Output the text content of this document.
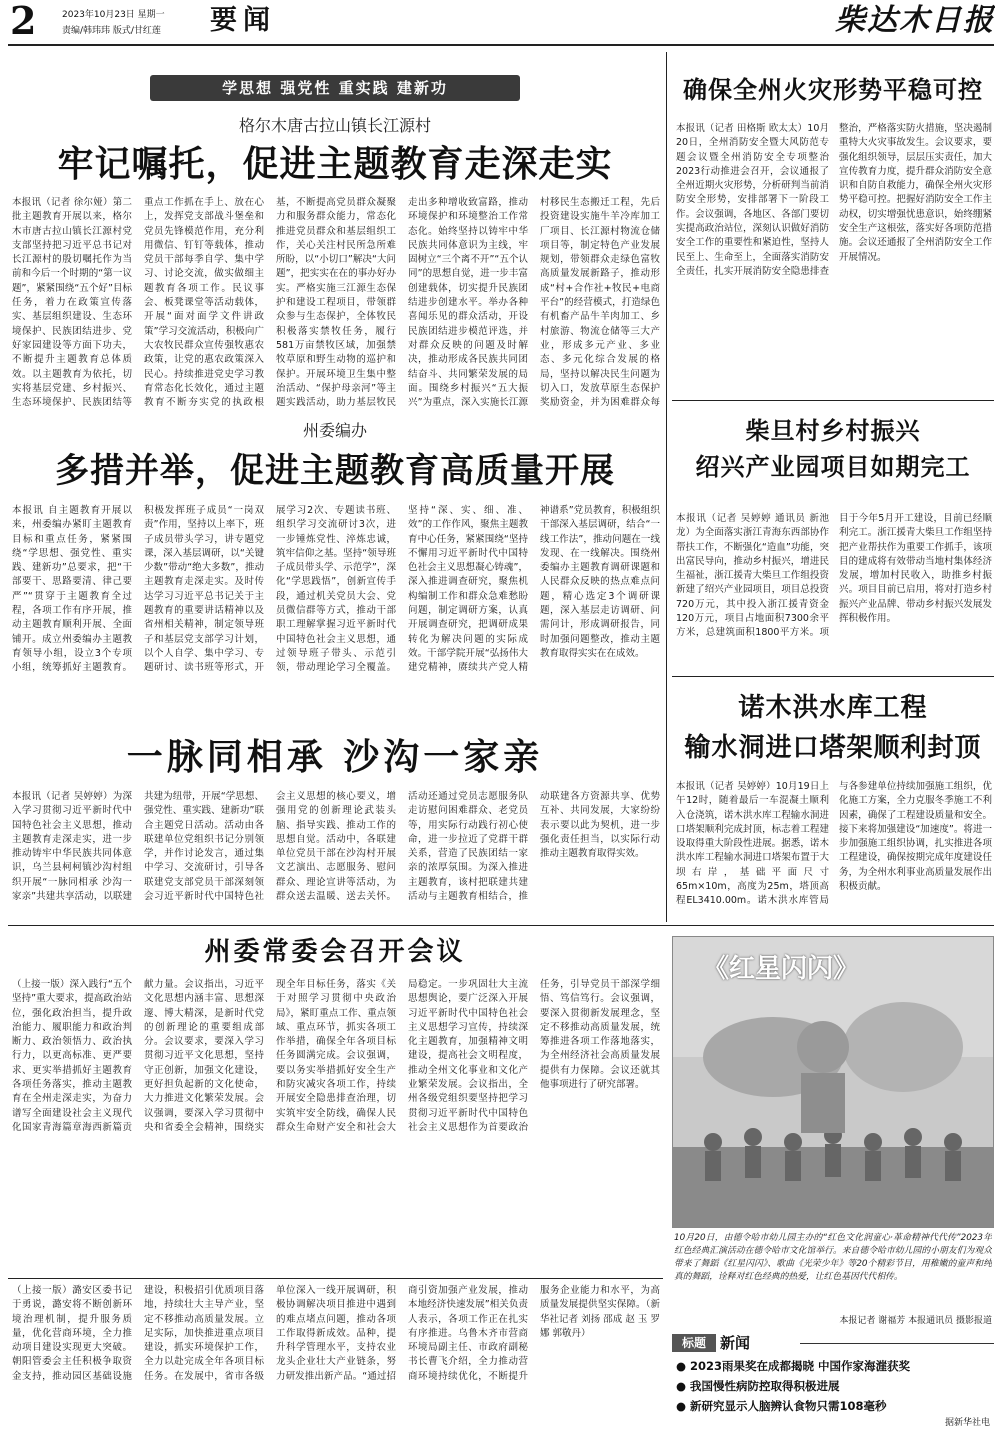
2	2023年10月23日 星期一
责编/韩玮玮 版式/甘红莲	要闻	柴达木日报
学思想 强党性 重实践 建新功
格尔木唐古拉山镇长江源村
牢记嘱托，促进主题教育走深走实
本报讯（记者 徐尔娅）第二批主题教育开展以来，格尔木市唐古拉山镇长江源村党支部坚持把习近平总书记对长江源村的殷切嘱托作为当前和今后一个时期的“第一议题”，紧紧围绕“五个好”目标任务，着力在政策宣传落实、基层组织建设、生态环境保护、民族团结进步、党好家园建设等方面下功夫，不断提升主题教育总体质效。以主题教育为依托，切实将基层党建、乡村振兴、生态环境保护、民族团结等重点工作抓在手上、放在心上，发挥党支部战斗堡垒和党员先锋模范作用，充分利用微信、钉钉等载体，推动党员干部每季自学、集中学习、讨论交流，做实做细主题教育各项工作。民议事会、板凳课堂等活动载体，开展“面对面学文件讲政策”学习交流活动，积极向广大农牧民群众宣传强牧惠农政策，让党的惠农政策深入民心。持续推进党史学习教育常态化长效化，通过主题教育不断夯实党的执政根基，不断提高党员群众凝聚力和服务群众能力，常态化推进党员群众和基层组织工作，关心关注村民所急所难所盼，以“小切口”解决“大问题”，把实实在在的事办好办实。严格实施三江源生态保护和建设工程项目，带领群众参与生态保护，全体牧民积极落实禁牧任务，履行581万亩禁牧区域，加强禁牧草原和野生动物的巡护和保护。开展环境卫生集中整治活动、“保护母亲河”等主题实践活动，助力基层牧民走出多种增收致富路，推动环境保护和环境整治工作常态化。始终坚持以铸牢中华民族共同体意识为主线，牢固树立“三个离不开”“五个认同”的思想自觉，进一步丰富创建载体，切实提升民族团结进步创建水平。举办各种喜闻乐见的群众活动，开设民族团结进步模范评选，并对群众反映的问题及时解决，推动形成各民族共同团结奋斗、共同繁荣发展的局面。围绕乡村振兴“五大振兴”为重点，深入实施长江源村移民生态搬迁工程，先后投资建设实施牛羊冷库加工厂项目、长江源村物流仓储项目等，制定特色产业发展规划，带领群众走绿色富牧高质量发展新路子，推动形成“村+合作社+牧民+电商平台”的经营模式，打造绿色有机畜产品牛羊肉加工、乡村旅游、物流仓储等三大产业，形成多元产业、多业态、多元化综合发展的格局，坚持以解决民生问题为切入口，发放草原生态保护奖励资金，并为困难群众每
州委编办
多措并举，促进主题教育高质量开展
本报讯 自主题教育开展以来，州委编办紧盯主题教育目标和重点任务，紧紧围绕“学思想、强党性、重实践、建新功”总要求，把“干部要干、思路要清、律己要严”“贯穿于主题教育全过程，各项工作有序开展，推动主题教育顺利开展、全面铺开。成立州委编办主题教育领导小组，设立3个专项小组，统筹抓好主题教育。积极发挥班子成员“一岗双责”作用，坚持以上率下，班子成员带头学习，讲专题党课，深入基层调研，以“关键少数”带动“绝大多数”，推动主题教育走深走实。及时传达学习习近平总书记关于主题教育的重要讲话精神以及省州相关精神，制定领导班子和基层党支部学习计划，以个人自学、集中学习、专题研讨、读书班等形式，开展学习2次、专题读书班、组织学习交流研讨3次，进一步锤炼党性、淬炼忠诚，筑牢信仰之基。坚持“领导班子成员带头学、示范学”，深化“学思践悟”，创新宣传手段，通过机关党员大会、党员微信群等方式，推动干部职工理解掌握习近平新时代中国特色社会主义思想，通过领导班子带头、示范引领，带动理论学习全覆盖。坚持“深、实、细、准、效”的工作作风，聚焦主题教育中心任务，紧紧围绕“坚持不懈用习近平新时代中国特色社会主义思想凝心铸魂”，深入推进调查研究，聚焦机构编制工作和群众急难愁盼问题，制定调研方案，认真开展调查研究，把调研成果转化为解决问题的实际成效。干部学院开展“弘扬伟大建党精神，赓续共产党人精神谱系”党员教育，积极组织干部深入基层调研，结合“一线工作法”，推动问题在一线发现、在一线解决。围绕州委编办主题教育调研课题和人民群众反映的热点难点问题，精心选定3个调研课题，深入基层走访调研、问需问计，形成调研报告，同时加强问题整改，推动主题教育取得实实在在成效。
一脉同相承 沙沟一家亲
本报讯（记者 吴婷婷）为深入学习贯彻习近平新时代中国特色社会主义思想，推动主题教育走深走实，进一步推动铸牢中华民族共同体意识，乌兰县柯柯镇沙沟村组织开展“一脉同相承 沙沟一家亲”共建共享活动，以联建共建为纽带，开展“学思想、强党性、重实践、建新功”联合主题党日活动。活动由各联建单位党组织书记分别领学，并作讨论发言，通过集中学习、交流研讨，引导各联建党支部党员干部深刻领会习近平新时代中国特色社会主义思想的核心要义，增强用党的创新理论武装头脑、指导实践、推动工作的思想自觉。活动中，各联建单位党员干部在沙沟村开展文艺演出、志愿服务、慰问群众、理论宣讲等活动，为群众送去温暖、送去关怀。活动还通过党员志愿服务队走访慰问困难群众、老党员等，用实际行动践行初心使命，进一步拉近了党群干群关系，营造了民族团结一家亲的浓厚氛围。为深入推进主题教育，该村把联建共建活动与主题教育相结合，推动联建各方资源共享、优势互补、共同发展，大家纷纷表示要以此为契机，进一步强化责任担当，以实际行动推动主题教育取得实效。
确保全州火灾形势平稳可控
本报讯（记者 田格斯 欧太太）10月20日，全州消防安全暨大风防范专题会议暨全州消防安全专项整治2023行动推进会召开，会议通报了全州近期火灾形势，分析研判当前消防安全形势，安排部署下一阶段工作。会议强调，各地区、各部门要切实提高政治站位，深刻认识做好消防安全工作的重要性和紧迫性，坚持人民至上、生命至上，全面落实消防安全责任，扎实开展消防安全隐患排查整治，严格落实防火措施，坚决遏制重特大火灾事故发生。会议要求，要强化组织领导，层层压实责任，加大宣传教育力度，提升群众消防安全意识和自防自救能力，确保全州火灾形势平稳可控。把握好消防安全工作主动权，切实增强忧患意识，始终绷紧安全生产这根弦，落实好各项防范措施。会议还通报了全州消防安全工作开展情况。
柴旦村乡村振兴
绍兴产业园项目如期完工
本报讯（记者 吴婷婷 通讯员 新池龙）为全面落实浙江青海东西部协作帮扶工作，不断强化“造血”功能，突出富民导向，推动乡村振兴，增进民生福祉，浙江援青大柴旦工作组投资新建了绍兴产业园项目，项目总投资720万元，其中投入浙江援青资金120万元，项目占地面积7300余平方米，总建筑面积1800平方米。项目于今年5月开工建设，目前已经顺利完工。浙江援青大柴旦工作组坚持把产业帮扶作为重要工作抓手，该项目的建成将有效带动当地村集体经济发展，增加村民收入，助推乡村振兴。项目目前已启用，将对打造乡村振兴产业品牌、带动乡村振兴发展发挥积极作用。
诺木洪水库工程
输水洞进口塔架顺利封顶
本报讯（记者 吴婷婷）10月19日上午12时，随着最后一车混凝土顺利入仓浇筑，诺木洪水库工程输水洞进口塔架顺利完成封顶，标志着工程建设取得重大阶段性进展。据悉，诺木洪水库工程输水洞进口塔架布置于大坝右岸，基础平面尺寸65m×10m，高度为25m，塔顶高程EL3410.00m。诺木洪水库管局与各参建单位持续加强施工组织，优化施工方案，全力克服冬季施工不利因素，确保了工程建设质量和安全。接下来将加强建设“加速度”。将进一步加强施工组织协调，扎实推进各项工程建设，确保按期完成年度建设任务，为全州水利事业高质量发展作出积极贡献。
州委常委会召开会议
（上接一版）深入践行“五个坚持”重大要求，提高政治站位，强化政治担当，提升政治能力、履职能力和政治判断力、政治领悟力、政治执行力，以更高标准、更严要求、更实举措抓好主题教育各项任务落实，推动主题教育在全州走深走实，为奋力谱写全面建设社会主义现代化国家青海篇章海西新篇贡献力量。会议指出，习近平文化思想内涵丰富、思想深邃、博大精深，是新时代党的创新理论的重要组成部分。会议要求，要深入学习贯彻习近平文化思想，坚持守正创新，加强文化建设，更好担负起新的文化使命，大力推进文化繁荣发展。会议强调，要深入学习贯彻中央和省委全会精神，围绕实现全年目标任务，落实《关于对照学习贯彻中央政治局》，紧盯重点工作、重点领域、重点环节，抓实各项工作举措，确保全年各项目标任务圆满完成。会议强调，要以务实举措抓好安全生产和防灾减灾各项工作，持续开展安全隐患排查治理，切实筑牢安全防线，确保人民群众生命财产安全和社会大局稳定。一步巩固壮大主流思想舆论，要广泛深入开展习近平新时代中国特色社会主义思想学习宣传，持续深化主题教育，加强精神文明建设，提高社会文明程度，推动全州文化事业和文化产业繁荣发展。会议指出，全州各级党组织要坚持把学习贯彻习近平新时代中国特色社会主义思想作为首要政治任务，引导党员干部深学细悟、笃信笃行。会议强调，要深入贯彻新发展理念，坚定不移推动高质量发展，统筹推进各项工作落地落实，为全州经济社会高质量发展提供有力保障。会议还就其他事项进行了研究部署。
（上接一版）潞安区委书记于勇说，潞安将不断创新环境治理机制，提升服务质量，优化营商环境，全力推动项目建设实现更大突破。朝阳管委会主任积极争取资金支持，推动园区基础设施建设，积极招引优质项目落地，持续壮大主导产业，坚定不移推动高质量发展。立足实际，加快推进重点项目建设，抓实环境保护工作，全力以赴完成全年各项目标任务。在发展中，省市各级单位深入一线开展调研，积极协调解决项目推进中遇到的难点堵点问题，推动各项工作取得新成效。品种，提升科学管理水平，支持农业龙头企业壮大产业链条，努力研发推出新产品。“通过招商引资加强产业发展，推动本地经济快速发展”相关负责人表示，各项工作正在扎实有序推进。乌鲁木齐市营商环境局副主任、市政府副秘书长曹飞介绍，全力推动营商环境持续优化，不断提升服务企业能力和水平，为高质量发展提供坚实保障。（新华社记者 刘扬 邵成 赵 玉 罗娜 郭敬丹）
《红星闪闪》
10月20日，由德令哈市幼儿园主办的“红色文化润童心·革命精神代代传”2023年红色经典汇演活动在德令哈市文化馆举行。来自德令哈市幼儿园的小朋友们为观众带来了舞蹈《红星闪闪》、歌曲《光荣少年》等20个精彩节目，用稚嫩的童声和纯真的舞蹈，诠释对红色经典的热爱，让红色基因代代相传。
本报记者 谢福芳 本报通讯员 摄影报道
标题 新闻
● 2023雨果奖在成都揭晓 中国作家海漄获奖
● 我国慢性病防控取得积极进展
● 新研究显示人脑辨认食物只需108毫秒
据新华社电
